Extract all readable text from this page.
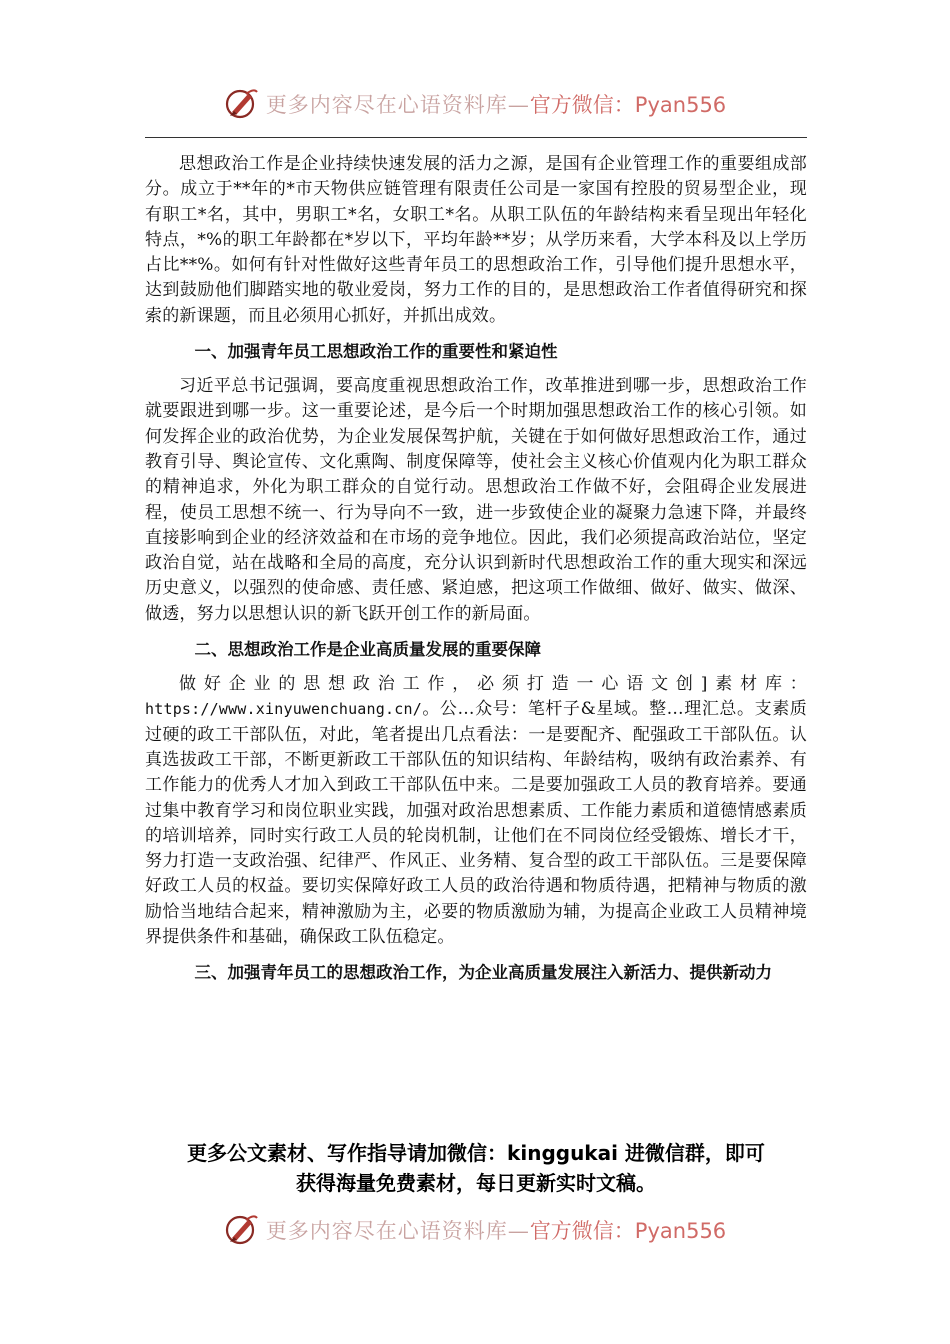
更多内容尽在心语资料库—官方微信：Pyan556

思想政治工作是企业持续快速发展的活力之源，是国有企业管理工作的重要组成部分。成立于**年的*市天物供应链管理有限责任公司是一家国有控股的贸易型企业，现有职工*名，其中，男职工*名，女职工*名。从职工队伍的年龄结构来看呈现出年轻化特点，*%的职工年龄都在*岁以下，平均年龄**岁；从学历来看，大学本科及以上学历占比**%。如何有针对性做好这些青年员工的思想政治工作，引导他们提升思想水平，达到鼓励他们脚踏实地的敬业爱岗，努力工作的目的，是思想政治工作者值得研究和探索的新课题，而且必须用心抓好，并抓出成效。

一、加强青年员工思想政治工作的重要性和紧迫性

习近平总书记强调，要高度重视思想政治工作，改革推进到哪一步，思想政治工作就要跟进到哪一步。这一重要论述，是今后一个时期加强思想政治工作的核心引领。如何发挥企业的政治优势，为企业发展保驾护航，关键在于如何做好思想政治工作，通过教育引导、舆论宣传、文化熏陶、制度保障等，使社会主义核心价值观内化为职工群众的精神追求，外化为职工群众的自觉行动。思想政治工作做不好，会阻碍企业发展进程，使员工思想不统一、行为导向不一致，进一步致使企业的凝聚力急速下降，并最终直接影响到企业的经济效益和在市场的竞争地位。因此，我们必须提高政治站位，坚定政治自觉，站在战略和全局的高度，充分认识到新时代思想政治工作的重大现实和深远历史意义，以强烈的使命感、责任感、紧迫感，把这项工作做细、做好、做实、做深、做透，努力以思想认识的新飞跃开创工作的新局面。

二、思想政治工作是企业高质量发展的重要保障

做好企业的思想政治工作，必须打造一心语文创]素材库：https://www.xinyuwenchuang.cn/。公…众号：笔杆子&星域。整…理汇总。支素质过硬的政工干部队伍，对此，笔者提出几点看法：一是要配齐、配强政工干部队伍。认真选拔政工干部，不断更新政工干部队伍的知识结构、年龄结构，吸纳有政治素养、有工作能力的优秀人才加入到政工干部队伍中来。二是要加强政工人员的教育培养。要通过集中教育学习和岗位职业实践，加强对政治思想素质、工作能力素质和道德情感素质的培训培养，同时实行政工人员的轮岗机制，让他们在不同岗位经受锻炼、增长才干，努力打造一支政治强、纪律严、作风正、业务精、复合型的政工干部队伍。三是要保障好政工人员的权益。要切实保障好政工人员的政治待遇和物质待遇，把精神与物质的激励恰当地结合起来，精神激励为主，必要的物质激励为辅，为提高企业政工人员精神境界提供条件和基础，确保政工队伍稳定。

三、加强青年员工的思想政治工作，为企业高质量发展注入新活力、提供新动力

更多公文素材、写作指导请加微信：kinggukai 进微信群，即可
获得海量免费素材，每日更新实时文稿。
更多内容尽在心语资料库—官方微信：Pyan556
